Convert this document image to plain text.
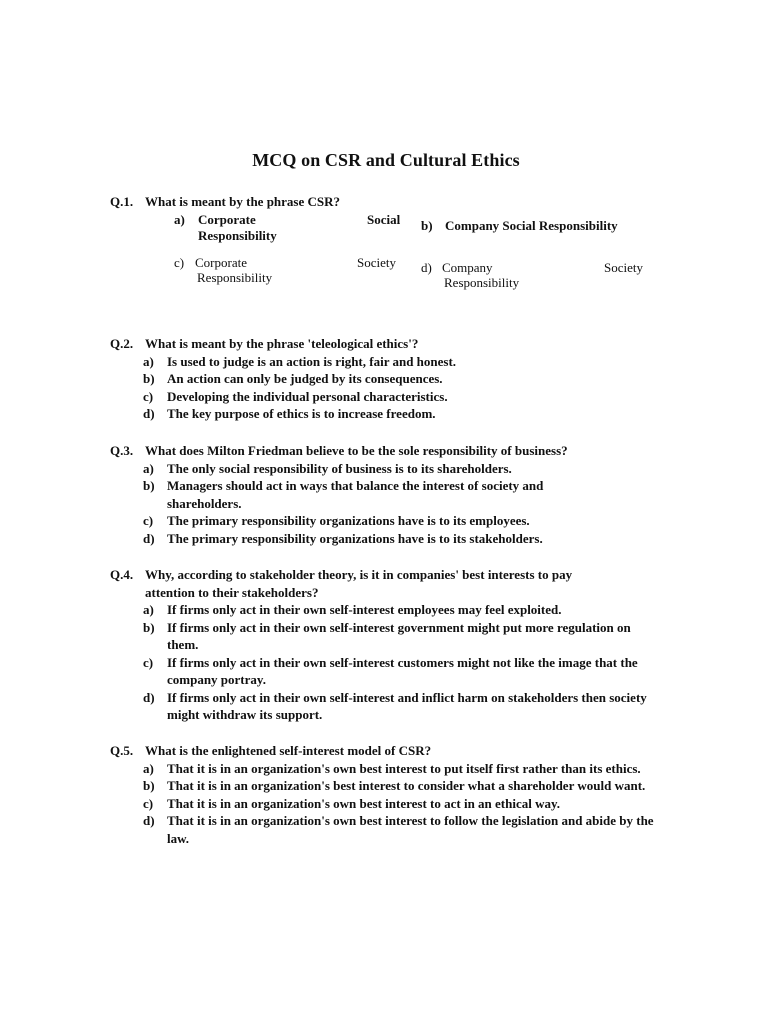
MCQ on CSR and Cultural Ethics
Q.1. What is meant by the phrase CSR?
a) Corporate	Social
Responsibility
b) Company Social Responsibility
c) Corporate	Society
Responsibility
d) Company	Society
Responsibility
Q.2. What is meant by the phrase 'teleological ethics'?
a)	Is used to judge is an action is right, fair and honest.
b) An action can only be judged by its consequences.
c)	Developing the individual personal characteristics.
d) The key purpose of ethics is to increase freedom.
Q.3. What does Milton Friedman believe to be the sole responsibility of business?
a)	The only social responsibility of business is to its shareholders.
b) Managers should act in ways that balance the interest of society and shareholders.
c)	The primary responsibility organizations have is to its employees.
d) The primary responsibility organizations have is to its stakeholders.
Q.4. Why, according to stakeholder theory, is it in companies' best interests to pay attention to their stakeholders?
a)	If firms only act in their own self-interest employees may feel exploited.
b) If firms only act in their own self-interest government might put more regulation on them.
c)	If firms only act in their own self-interest customers might not like the image that the company portray.
d) If firms only act in their own self-interest and inflict harm on stakeholders then society might withdraw its support.
Q.5. What is the enlightened self-interest model of CSR?
a)	That it is in an organization's own best interest to put itself first rather than its ethics.
b) That it is in an organization's best interest to consider what a shareholder would want.
c)	That it is in an organization's own best interest to act in an ethical way.
d) That it is in an organization's own best interest to follow the legislation and abide by the law.
